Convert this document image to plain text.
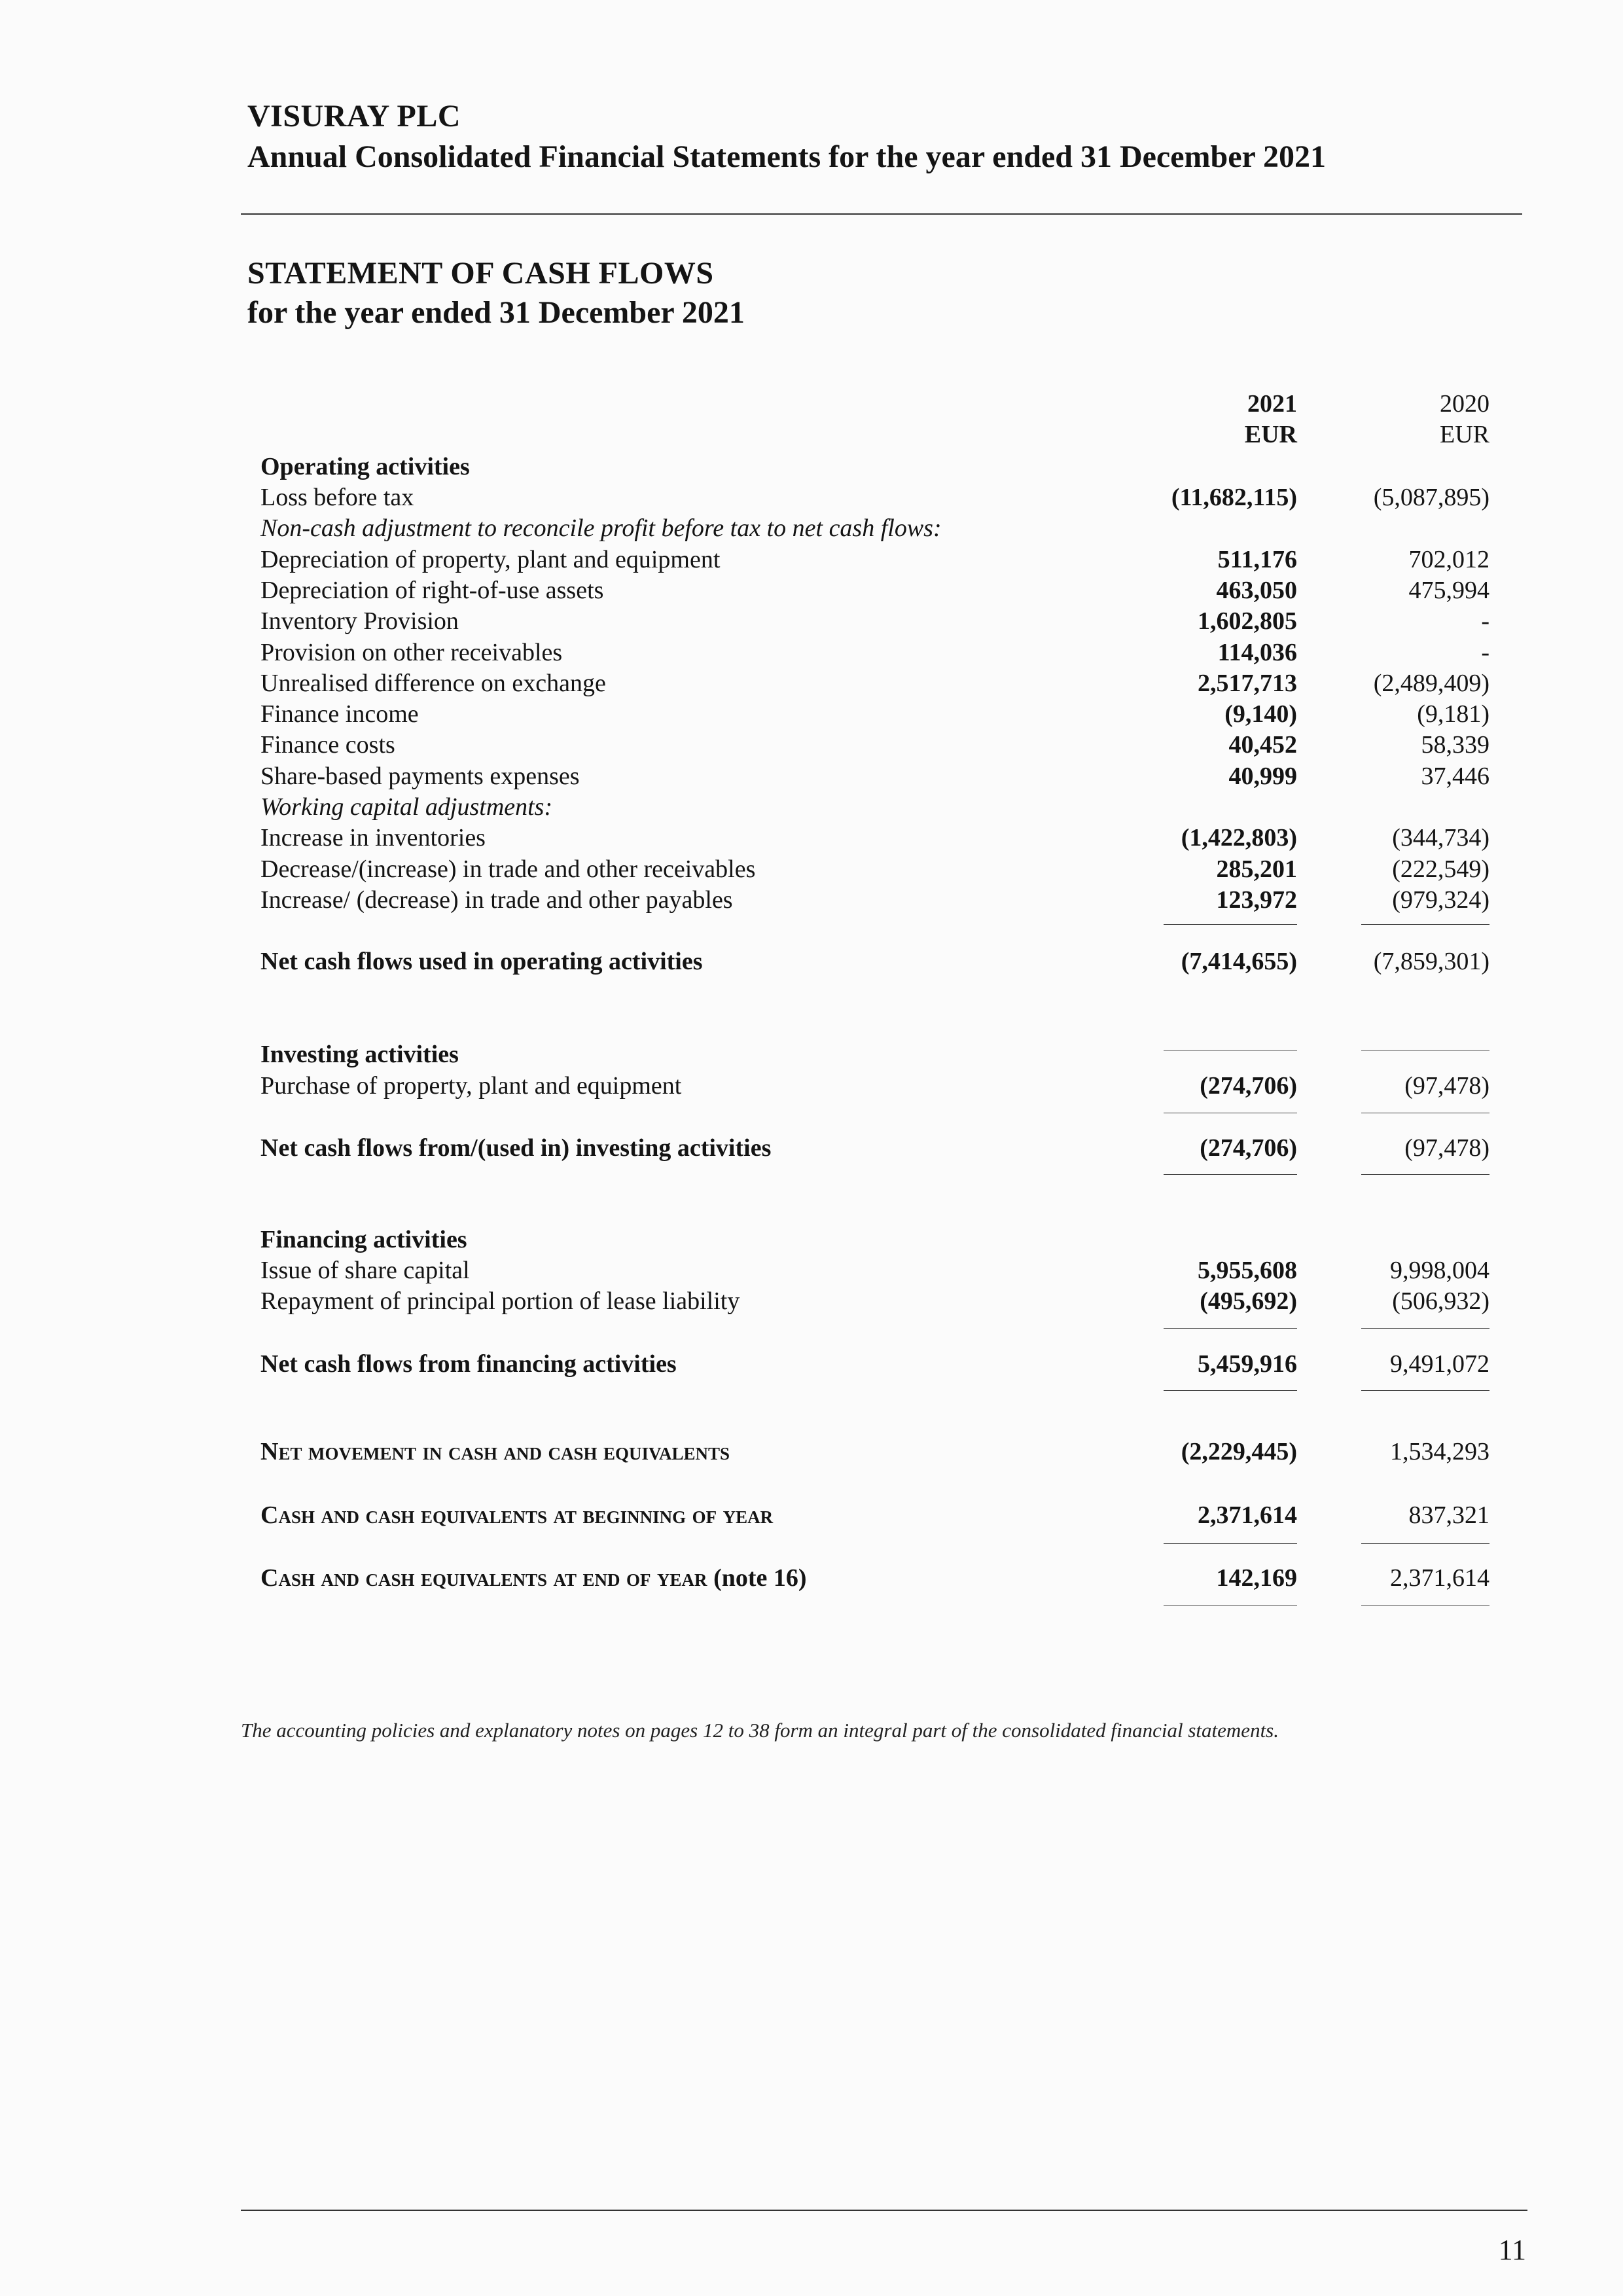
VISURAY PLC
Annual Consolidated Financial Statements for the year ended 31 December 2021
STATEMENT OF CASH FLOWS
for the year ended 31 December 2021
2021	2020
EUR	EUR
Operating activities
Loss before tax	(11,682,115)	(5,087,895)
Non-cash adjustment to reconcile profit before tax to net cash flows:
Depreciation of property, plant and equipment	511,176	702,012
Depreciation of right-of-use assets	463,050	475,994
Inventory Provision	1,602,805	-
Provision on other receivables	114,036	-
Unrealised difference on exchange	2,517,713	(2,489,409)
Finance income	(9,140)	(9,181)
Finance costs	40,452	58,339
Share-based payments expenses	40,999	37,446
Working capital adjustments:
Increase in inventories	(1,422,803)	(344,734)
Decrease/(increase) in trade and other receivables	285,201	(222,549)
Increase/ (decrease) in trade and other payables	123,972	(979,324)
Net cash flows used in operating activities	(7,414,655)	(7,859,301)
Investing activities
Purchase of property, plant and equipment	(274,706)	(97,478)
Net cash flows from/(used in) investing activities	(274,706)	(97,478)
Financing activities
Issue of share capital	5,955,608	9,998,004
Repayment of principal portion of lease liability	(495,692)	(506,932)
Net cash flows from financing activities	5,459,916	9,491,072
Net movement in cash and cash equivalents	(2,229,445)	1,534,293
Cash and cash equivalents at beginning of year	2,371,614	837,321
Cash and cash equivalents at end of year (note 16)	142,169	2,371,614
The accounting policies and explanatory notes on pages 12 to 38 form an integral part of the consolidated financial statements.
11
